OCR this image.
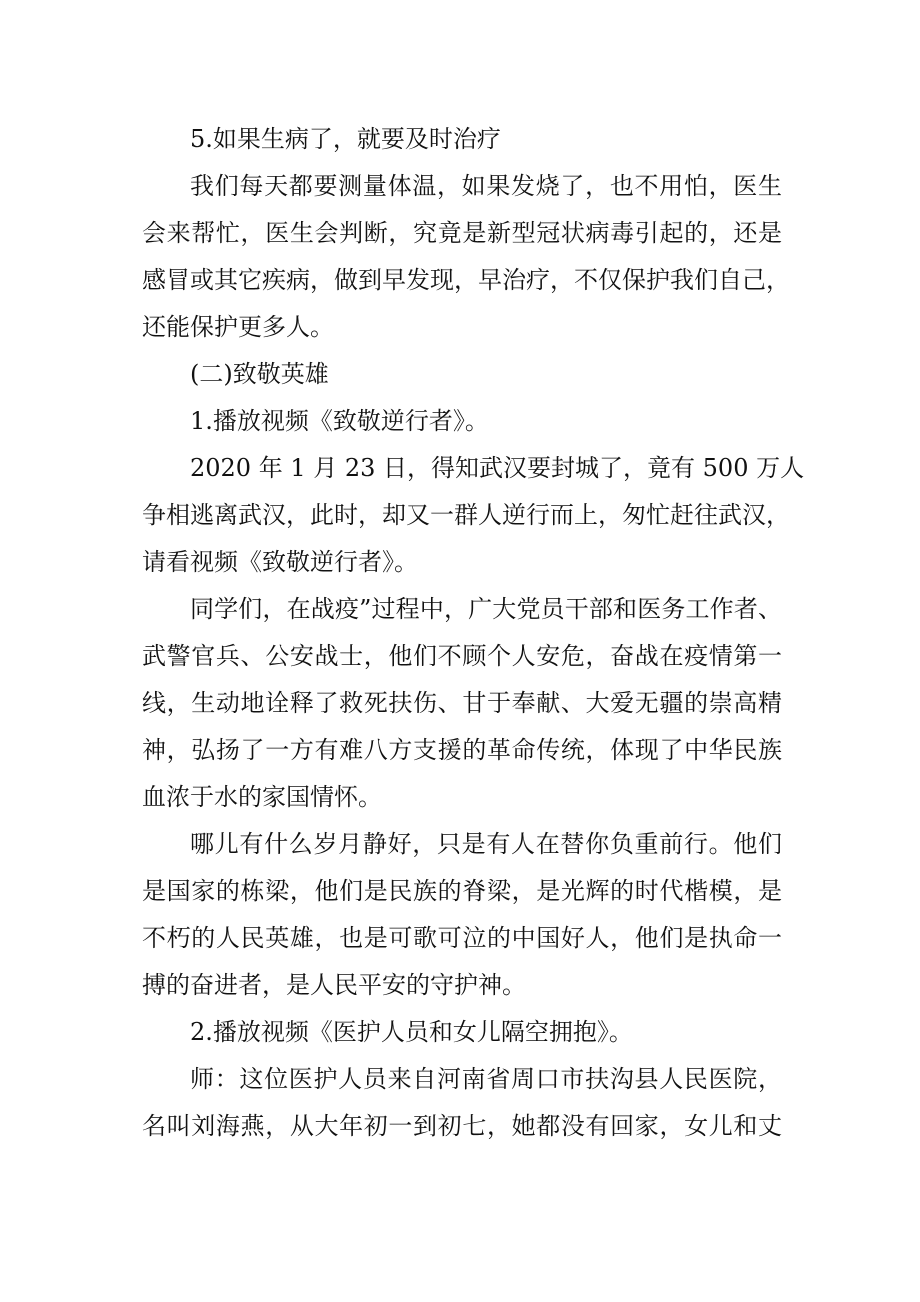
5.如果生病了，就要及时治疗
我们每天都要测量体温，如果发烧了，也不用怕，医生
会来帮忙，医生会判断，究竟是新型冠状病毒引起的，还是
感冒或其它疾病，做到早发现，早治疗，不仅保护我们自己，
还能保护更多人。
(二)致敬英雄
1.播放视频《致敬逆行者》。
2020 年 1 月 23 日，得知武汉要封城了，竟有 500 万人
争相逃离武汉，此时，却又一群人逆行而上，匆忙赶往武汉，
请看视频《致敬逆行者》。
同学们，在战疫”过程中，广大党员干部和医务工作者、
武警官兵、公安战士，他们不顾个人安危，奋战在疫情第一
线，生动地诠释了救死扶伤、甘于奉献、大爱无疆的崇高精
神，弘扬了一方有难八方支援的革命传统，体现了中华民族
血浓于水的家国情怀。
哪儿有什么岁月静好，只是有人在替你负重前行。他们
是国家的栋梁，他们是民族的脊梁，是光辉的时代楷模，是
不朽的人民英雄，也是可歌可泣的中国好人，他们是执命一
搏的奋进者，是人民平安的守护神。
2.播放视频《医护人员和女儿隔空拥抱》。
师：这位医护人员来自河南省周口市扶沟县人民医院，
名叫刘海燕，从大年初一到初七，她都没有回家，女儿和丈
